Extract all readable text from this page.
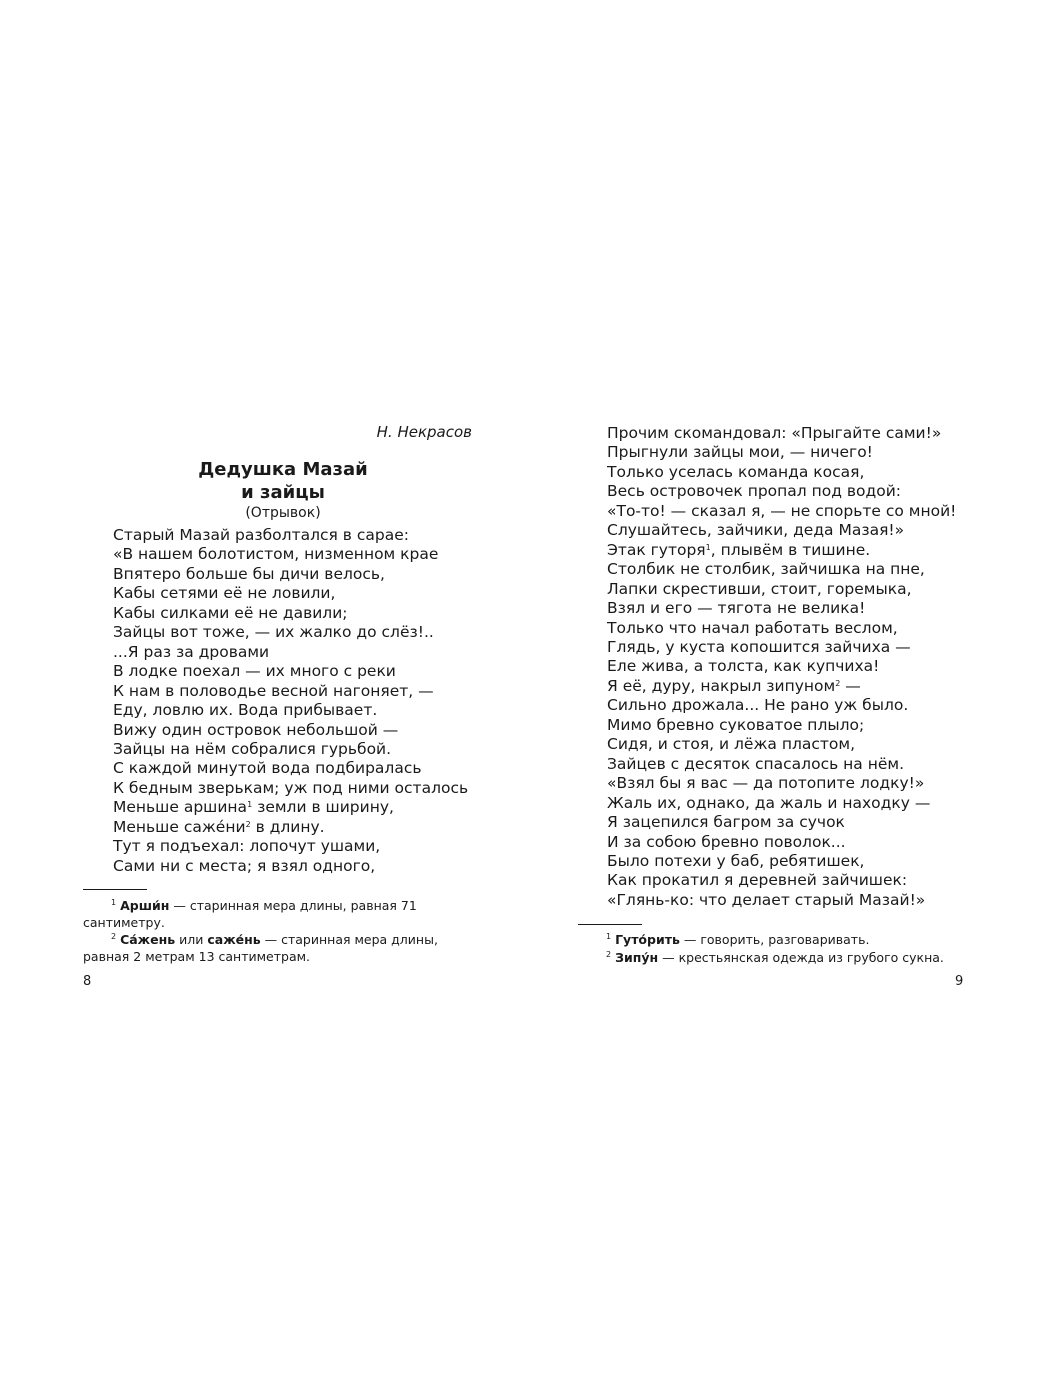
Н. Некрасов
Дедушка Мазай
и зайцы
(Отрывок)
Старый Мазай разболтался в сарае:
«В нашем болотистом, низменном крае
Впятеро больше бы дичи велось,
Кабы сетями её не ловили,
Кабы силками её не давили;
Зайцы вот тоже, — их жалко до слёз!..
...Я раз за дровами
В лодке поехал — их много с реки
К нам в половодье весной нагоняет, —
Еду, ловлю их. Вода прибывает.
Вижу один островок небольшой —
Зайцы на нём собралися гурьбой.
С каждой минутой вода подбиралась
К бедным зверькам; уж под ними осталось
Меньше аршина$^1$ земли в ширину,
Меньше $саже́ни^2$ в длину.
Тут я подъехал: лопочут ушами,
Сами ни с места; я взял одного,
$^1$ Арши́н — старинная мера длины, равная 71 сантиметру.
$^2$ Са́жень или саже́нь — старинная мера длины, равная 2 метрам 13 сантиметрам.
8
Прочим скомандовал: «Прыгайте сами!»
Прыгнули зайцы мои, — ничего!
Только уселась команда косая,
Весь островочек пропал под водой:
«То-то! — сказал я, — не спорьте со мной!
Слушайтесь, зайчики, деда Мазая!»
Этак гуторя$^1$, плывём в тишине.
Столбик не столбик, зайчишка на пне,
Лапки скрестивши, стоит, горемыка,
Взял и его — тягота не велика!
Только что начал работать веслом,
Глядь, у куста копошится зайчиха —
Еле жива, а толста, как купчиха!
Я её, дуру, накрыл зипуном$^2$ —
Сильно дрожала... Не рано уж было.
Мимо бревно суковатое плыло;
Сидя, и стоя, и лёжа пластом,
Зайцев с десяток спасалось на нём.
«Взял бы я вас — да потопите лодку!»
Жаль их, однако, да жаль и находку —
Я зацепился багром за сучок
И за собою бревно поволок...
Было потехи у баб, ребятишек,
Как прокатил я деревней зайчишек:
«Глянь-ко: что делает старый Мазай!»
$^1$ Гуто́рить — говорить, разговаривать.
$^2$ Зипу́н — крестьянская одежда из грубого сукна.
9
